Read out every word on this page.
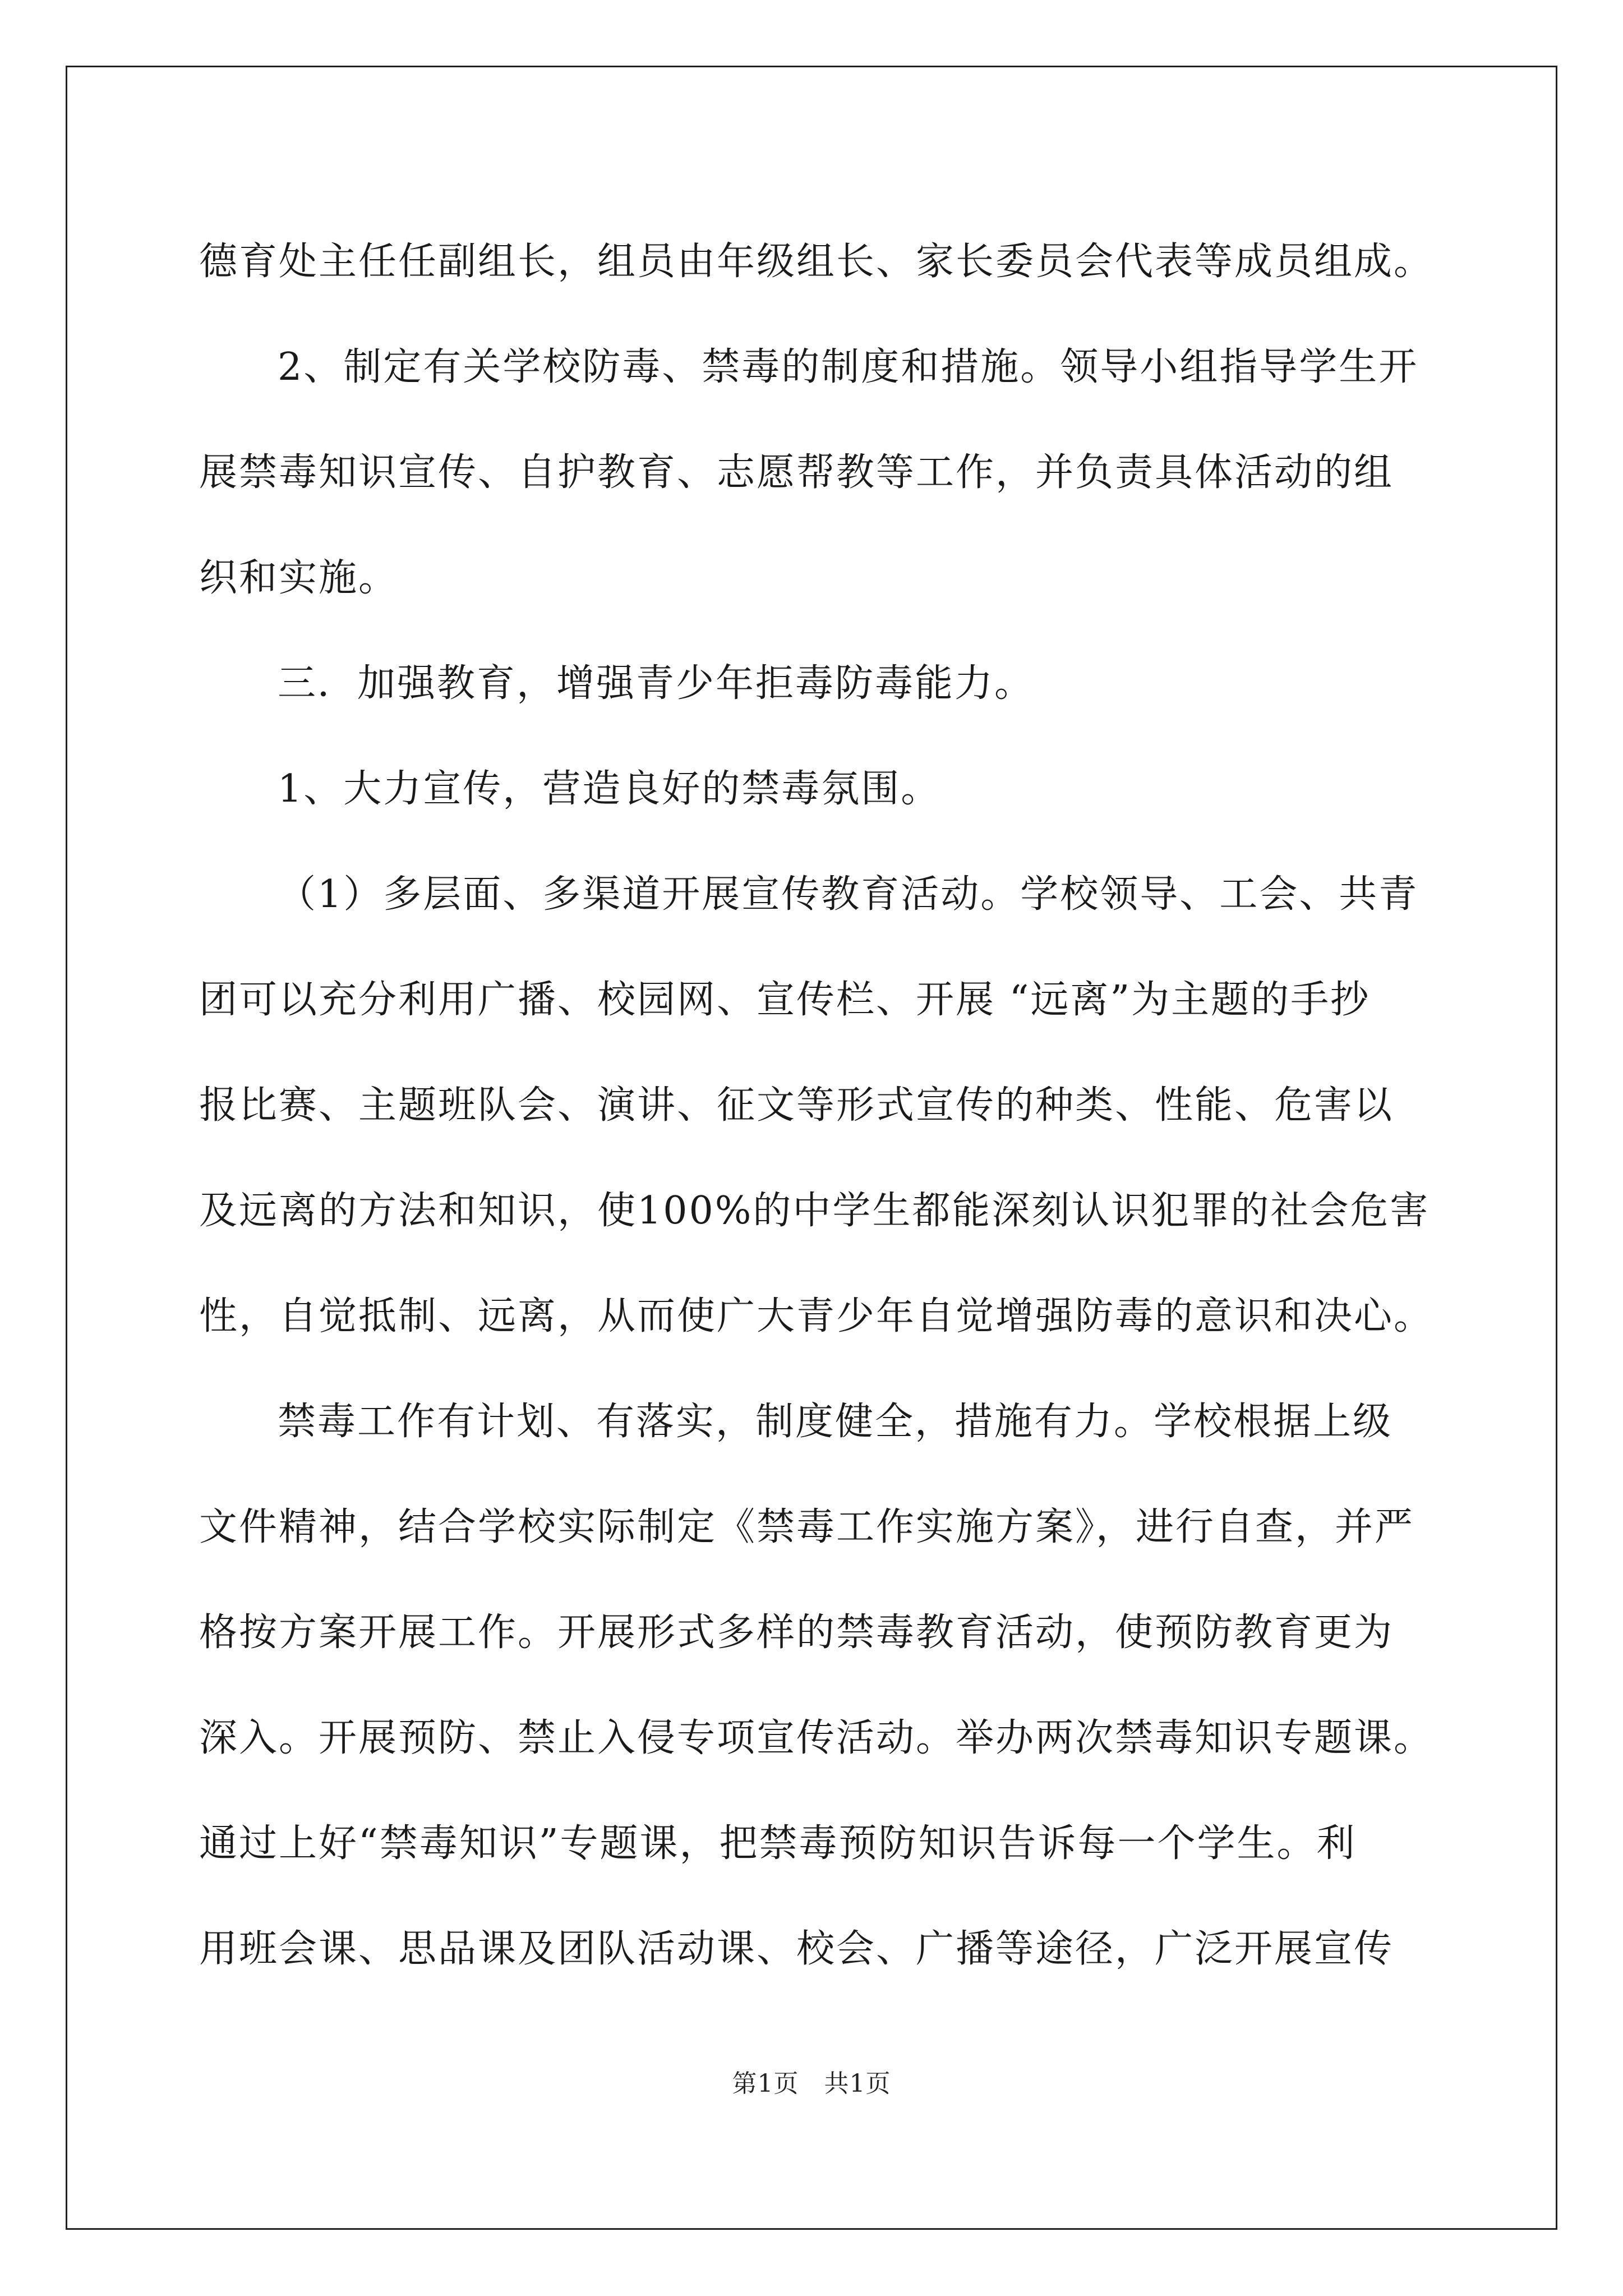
德育处主任任副组长，组员由年级组长、家长委员会代表等成员组成。
2、制定有关学校防毒、禁毒的制度和措施。领导小组指导学生开
展禁毒知识宣传、自护教育、志愿帮教等工作，并负责具体活动的组
织和实施。
三．加强教育，增强青少年拒毒防毒能力。
1、大力宣传，营造良好的禁毒氛围。
（1）多层面、多渠道开展宣传教育活动。学校领导、工会、共青
团可以充分利用广播、校园网、宣传栏、开展 “远离”为主题的手抄
报比赛、主题班队会、演讲、征文等形式宣传的种类、性能、危害以
及远离的方法和知识，使100%的中学生都能深刻认识犯罪的社会危害
性，自觉抵制、远离，从而使广大青少年自觉增强防毒的意识和决心。
禁毒工作有计划、有落实，制度健全，措施有力。学校根据上级
文件精神，结合学校实际制定《禁毒工作实施方案》，进行自查，并严
格按方案开展工作。开展形式多样的禁毒教育活动，使预防教育更为
深入。开展预防、禁止入侵专项宣传活动。举办两次禁毒知识专题课。
通过上好“禁毒知识”专题课，把禁毒预防知识告诉每一个学生。利
用班会课、思品课及团队活动课、校会、广播等途径，广泛开展宣传
第1页　共1页
